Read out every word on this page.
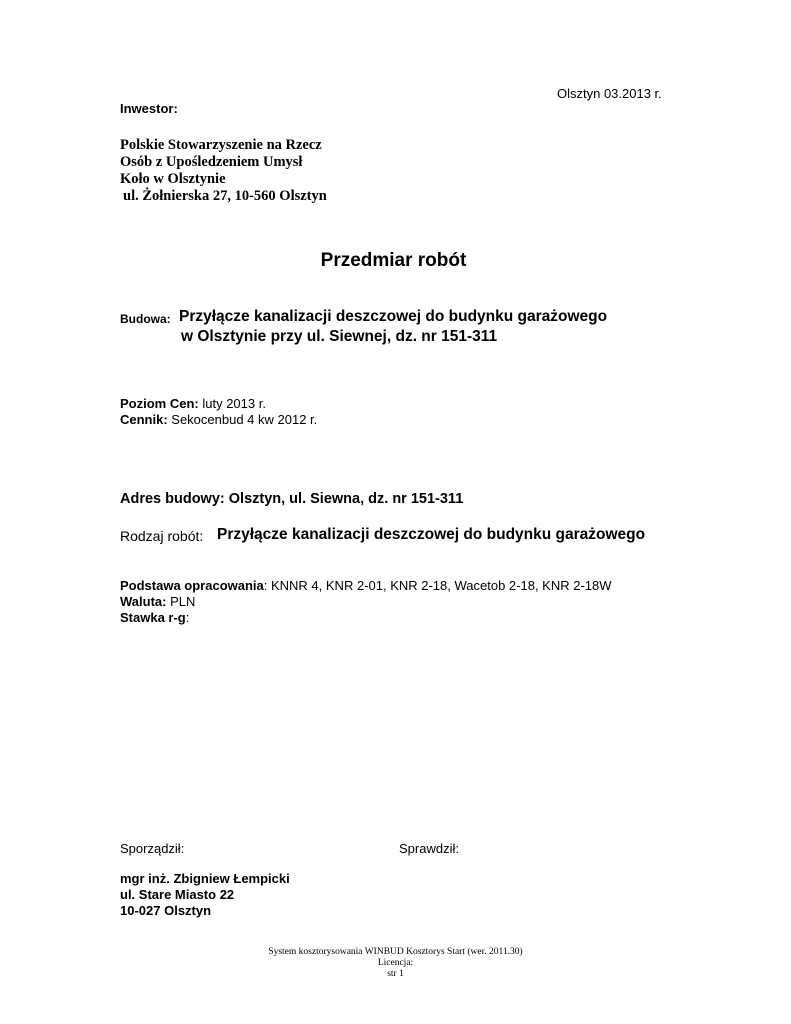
Olsztyn 03.2013 r.
Inwestor:
Polskie Stowarzyszenie na Rzecz
Osób z Upośledzeniem Umysł
Koło w Olsztynie
ul. Żołnierska 27, 10-560 Olsztyn
Przedmiar robót
Budowa: Przyłącze kanalizacji deszczowej do budynku garażowego
w Olsztynie przy ul. Siewnej, dz. nr 151-311
Poziom Cen: luty 2013 r.
Cennik: Sekocenbud 4 kw 2012 r.
Adres budowy: Olsztyn, ul. Siewna, dz. nr 151-311
Rodzaj robót: Przyłącze kanalizacji deszczowej do budynku garażowego
Podstawa opracowania: KNNR 4, KNR 2-01, KNR 2-18, Wacetob 2-18, KNR 2-18W
Waluta: PLN
Stawka r-g:
Sporządził:	Sprawdził:
mgr inż. Zbigniew Łempicki
ul. Stare Miasto 22
10-027 Olsztyn
System kosztorysowania WINBUD Kosztorys Start (wer. 2011.30)
Licencja:
str 1
